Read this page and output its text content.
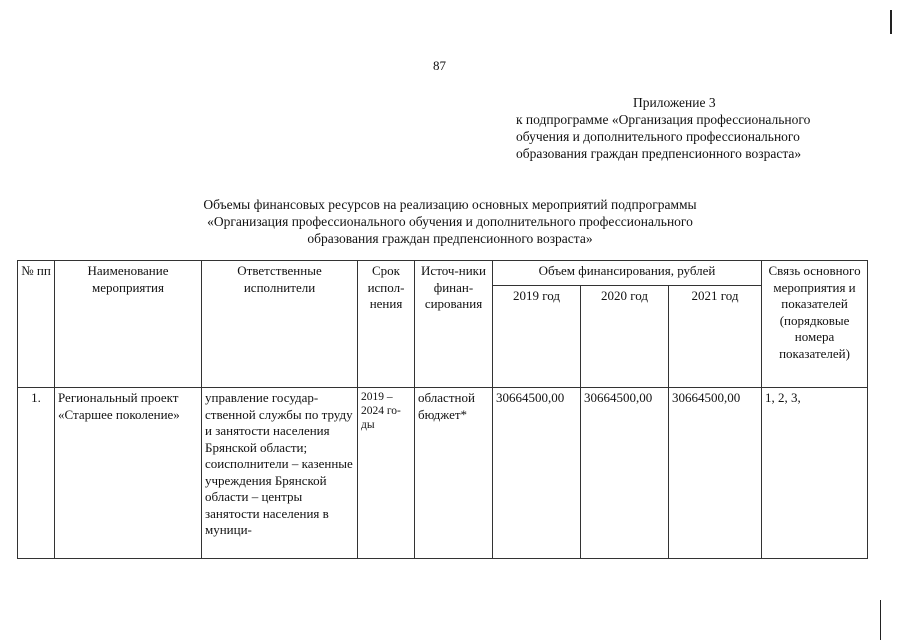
87
Приложение 3
к подпрограмме «Организация профессионального
обучения и дополнительного профессионального
образования граждан предпенсионного возраста»
Объемы финансовых ресурсов на реализацию основных мероприятий подпрограммы
«Организация профессионального обучения и дополнительного профессионального
образования граждан предпенсионного возраста»
№ пп	Наименование мероприятия	Ответственные исполнители	Срок испол-нения	Источ-ники финан-сирования	Объем финансирования, рублей			Связь основного мероприятия и показателей (порядковые номера показателей)
					2019 год	2020 год	2021 год	
1.	Региональный проект «Старшее поколение»	управление государ-ственной службы по труду и занятости населения Брянской области; соисполнители – казенные учреждения Брянской области – центры занятости населения в муници-	2019 – 2024 го-ды	областной бюджет*	30664500,00	30664500,00	30664500,00	1, 2, 3,
